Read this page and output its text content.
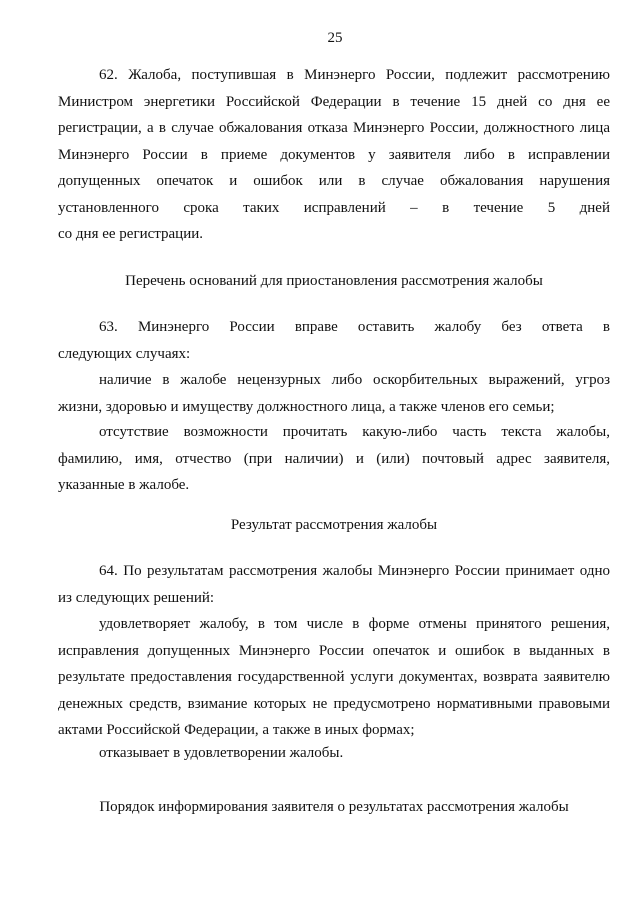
25
62. Жалоба, поступившая в Минэнерго России, подлежит рассмотрению
Министром энергетики Российской Федерации в течение 15 дней со дня ее
регистрации, а в случае обжалования отказа Минэнерго России, должностного лица
Минэнерго России в приеме документов у заявителя либо в исправлении
допущенных опечаток и ошибок или в случае обжалования нарушения
установленного срока таких исправлений – в течение 5 дней
со дня ее регистрации.
Перечень оснований для приостановления рассмотрения жалобы
63. Минэнерго России вправе оставить жалобу без ответа в
следующих случаях:
наличие в жалобе нецензурных либо оскорбительных выражений, угроз
жизни, здоровью и имуществу должностного лица, а также членов его семьи;
отсутствие возможности прочитать какую-либо часть текста жалобы,
фамилию, имя, отчество (при наличии) и (или) почтовый адрес заявителя,
указанные в жалобе.
Результат рассмотрения жалобы
64. По результатам рассмотрения жалобы Минэнерго России принимает одно
из следующих решений:
удовлетворяет жалобу, в том числе в форме отмены принятого решения,
исправления допущенных Минэнерго России опечаток и ошибок в выданных в
результате предоставления государственной услуги документах, возврата заявителю
денежных средств, взимание которых не предусмотрено нормативными правовыми
актами Российской Федерации, а также в иных формах;
отказывает в удовлетворении жалобы.
Порядок информирования заявителя о результатах рассмотрения жалобы
